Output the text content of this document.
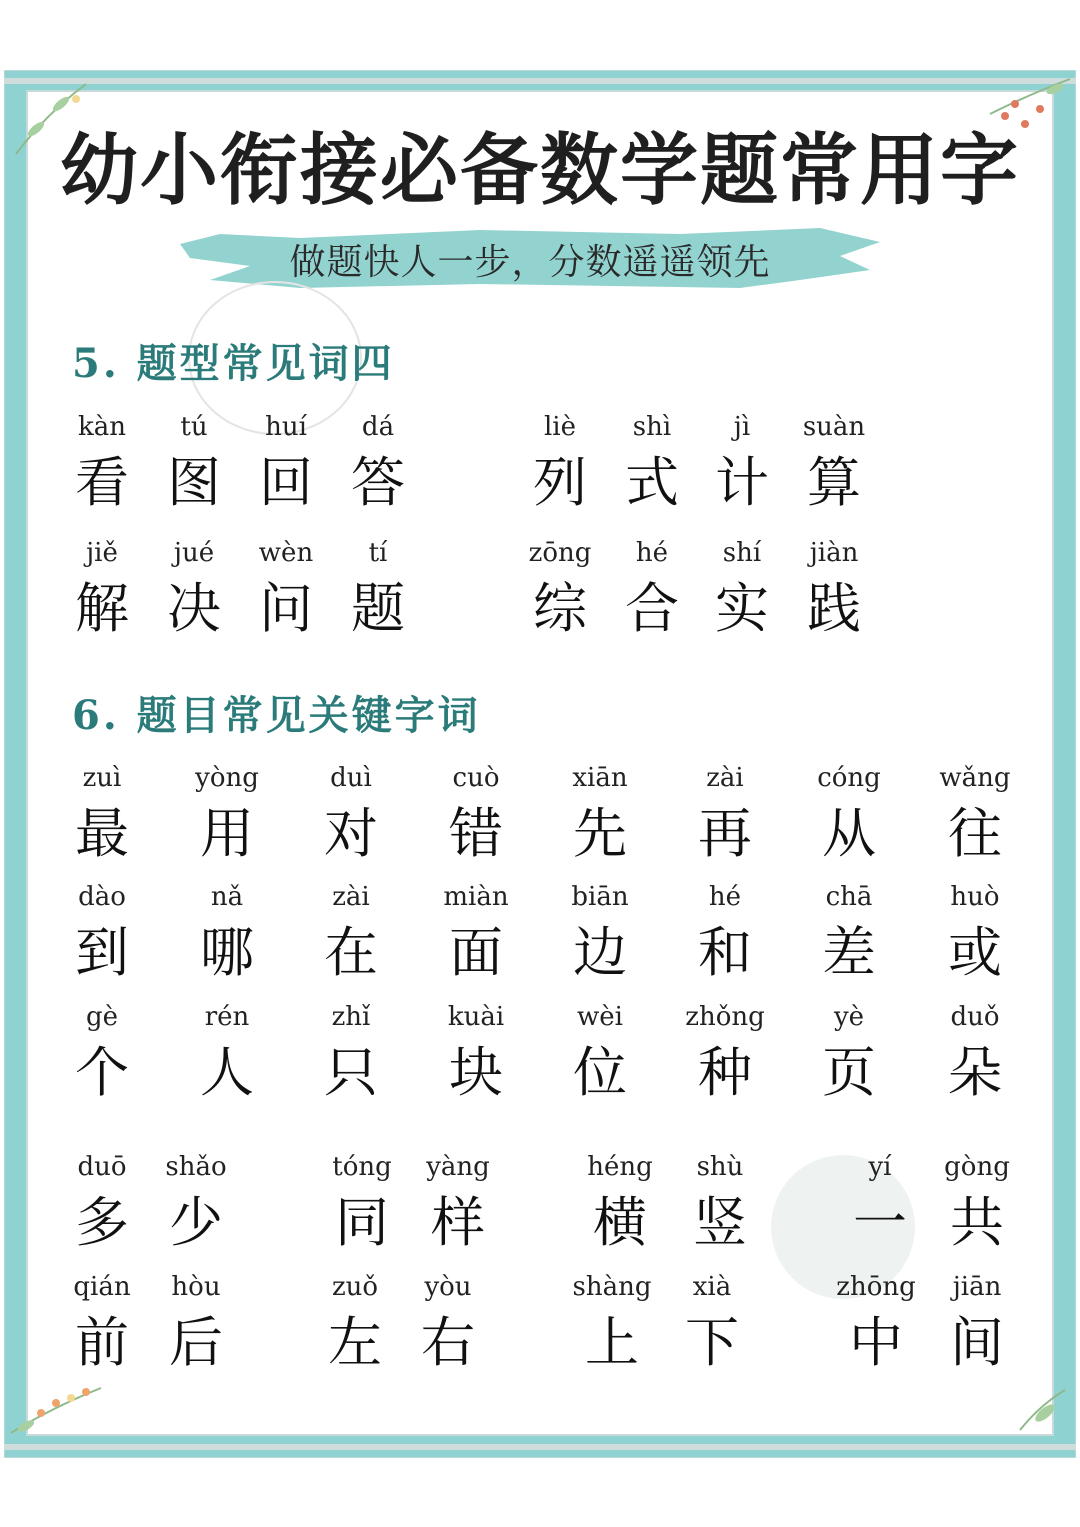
幼小衔接必备数学题常用字
做题快人一步，分数遥遥领先
5. 题型常见词四
6. 题目常见关键字词
kàn
看
tú
图
huí
回
dá
答
liè
列
shì
式
jì
计
suàn
算
jiě
解
jué
决
wèn
问
tí
题
zōng
综
hé
合
shí
实
jiàn
践
zuì
最
yòng
用
duì
对
cuò
错
xiān
先
zài
再
cóng
从
wǎng
往
dào
到
nǎ
哪
zài
在
miàn
面
biān
边
hé
和
chā
差
huò
或
gè
个
rén
人
zhǐ
只
kuài
块
wèi
位
zhǒng
种
yè
页
duǒ
朵
duō
多
shǎo
少
tóng
同
yàng
样
héng
横
shù
竖
yí
一
gòng
共
qián
前
hòu
后
zuǒ
左
yòu
右
shàng
上
xià
下
zhōng
中
jiān
间
